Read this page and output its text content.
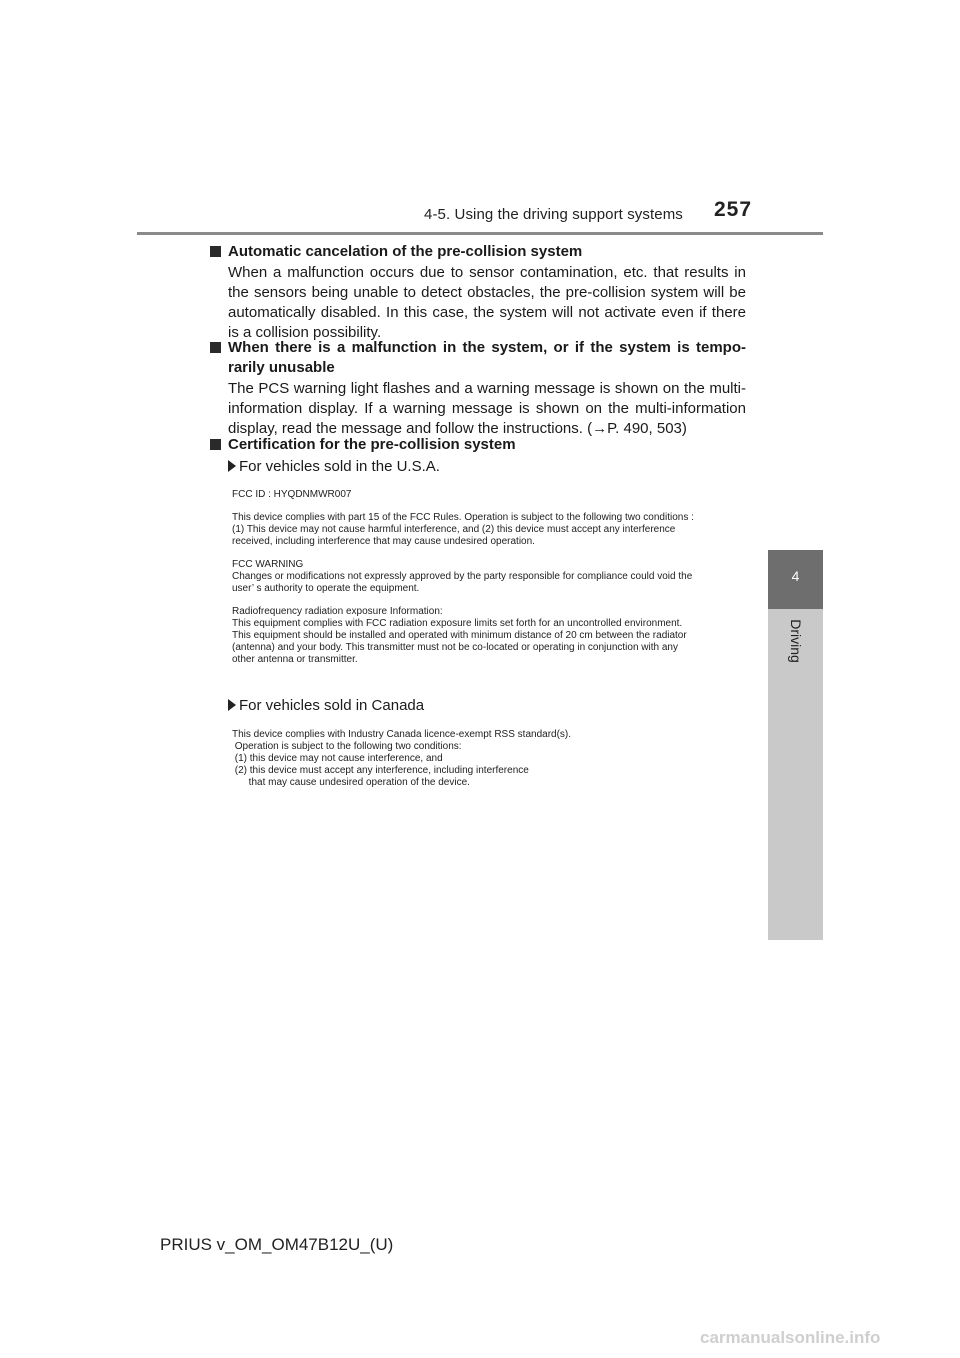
4-5. Using the driving support systems 257
4
Driving
Automatic cancelation of the pre-collision system
When a malfunction occurs due to sensor contamination, etc. that results in the sensors being unable to detect obstacles, the pre-collision system will be automatically disabled. In this case, the system will not activate even if there is a collision possibility.
When there is a malfunction in the system, or if the system is tempo-rarily unusable
The PCS warning light flashes and a warning message is shown on the multi-information display. If a warning message is shown on the multi-information display, read the message and follow the instructions. (→P. 490, 503)
Certification for the pre-collision system
For vehicles sold in the U.S.A.

FCC ID : HYQDNMWR007

This device complies with part 15 of the FCC Rules. Operation is subject to the following two conditions :

(1) This device may not cause harmful interference, and (2) this device must accept any interference

received, including interference that may cause undesired operation.

FCC WARNING

Changes or modifications not expressly approved by the party responsible for compliance could void the

user’ s authority to operate the equipment.

Radiofrequency radiation exposure Information:

This equipment complies with FCC radiation exposure limits set forth for an uncontrolled environment.

This equipment should be installed and operated with minimum distance of 20 cm between the radiator

(antenna) and your body. This transmitter must not be co-located or operating in conjunction with any

other antenna or transmitter.

For vehicles sold in Canada

This device complies with Industry Canada licence-exempt RSS standard(s).

Operation is subject to the following two conditions:

(1) this device may not cause interference, and

(2) this device must accept any interference, including interference

that may cause undesired operation of the device.

PRIUS v_OM_OM47B12U_(U)
carmanualsonline.info
